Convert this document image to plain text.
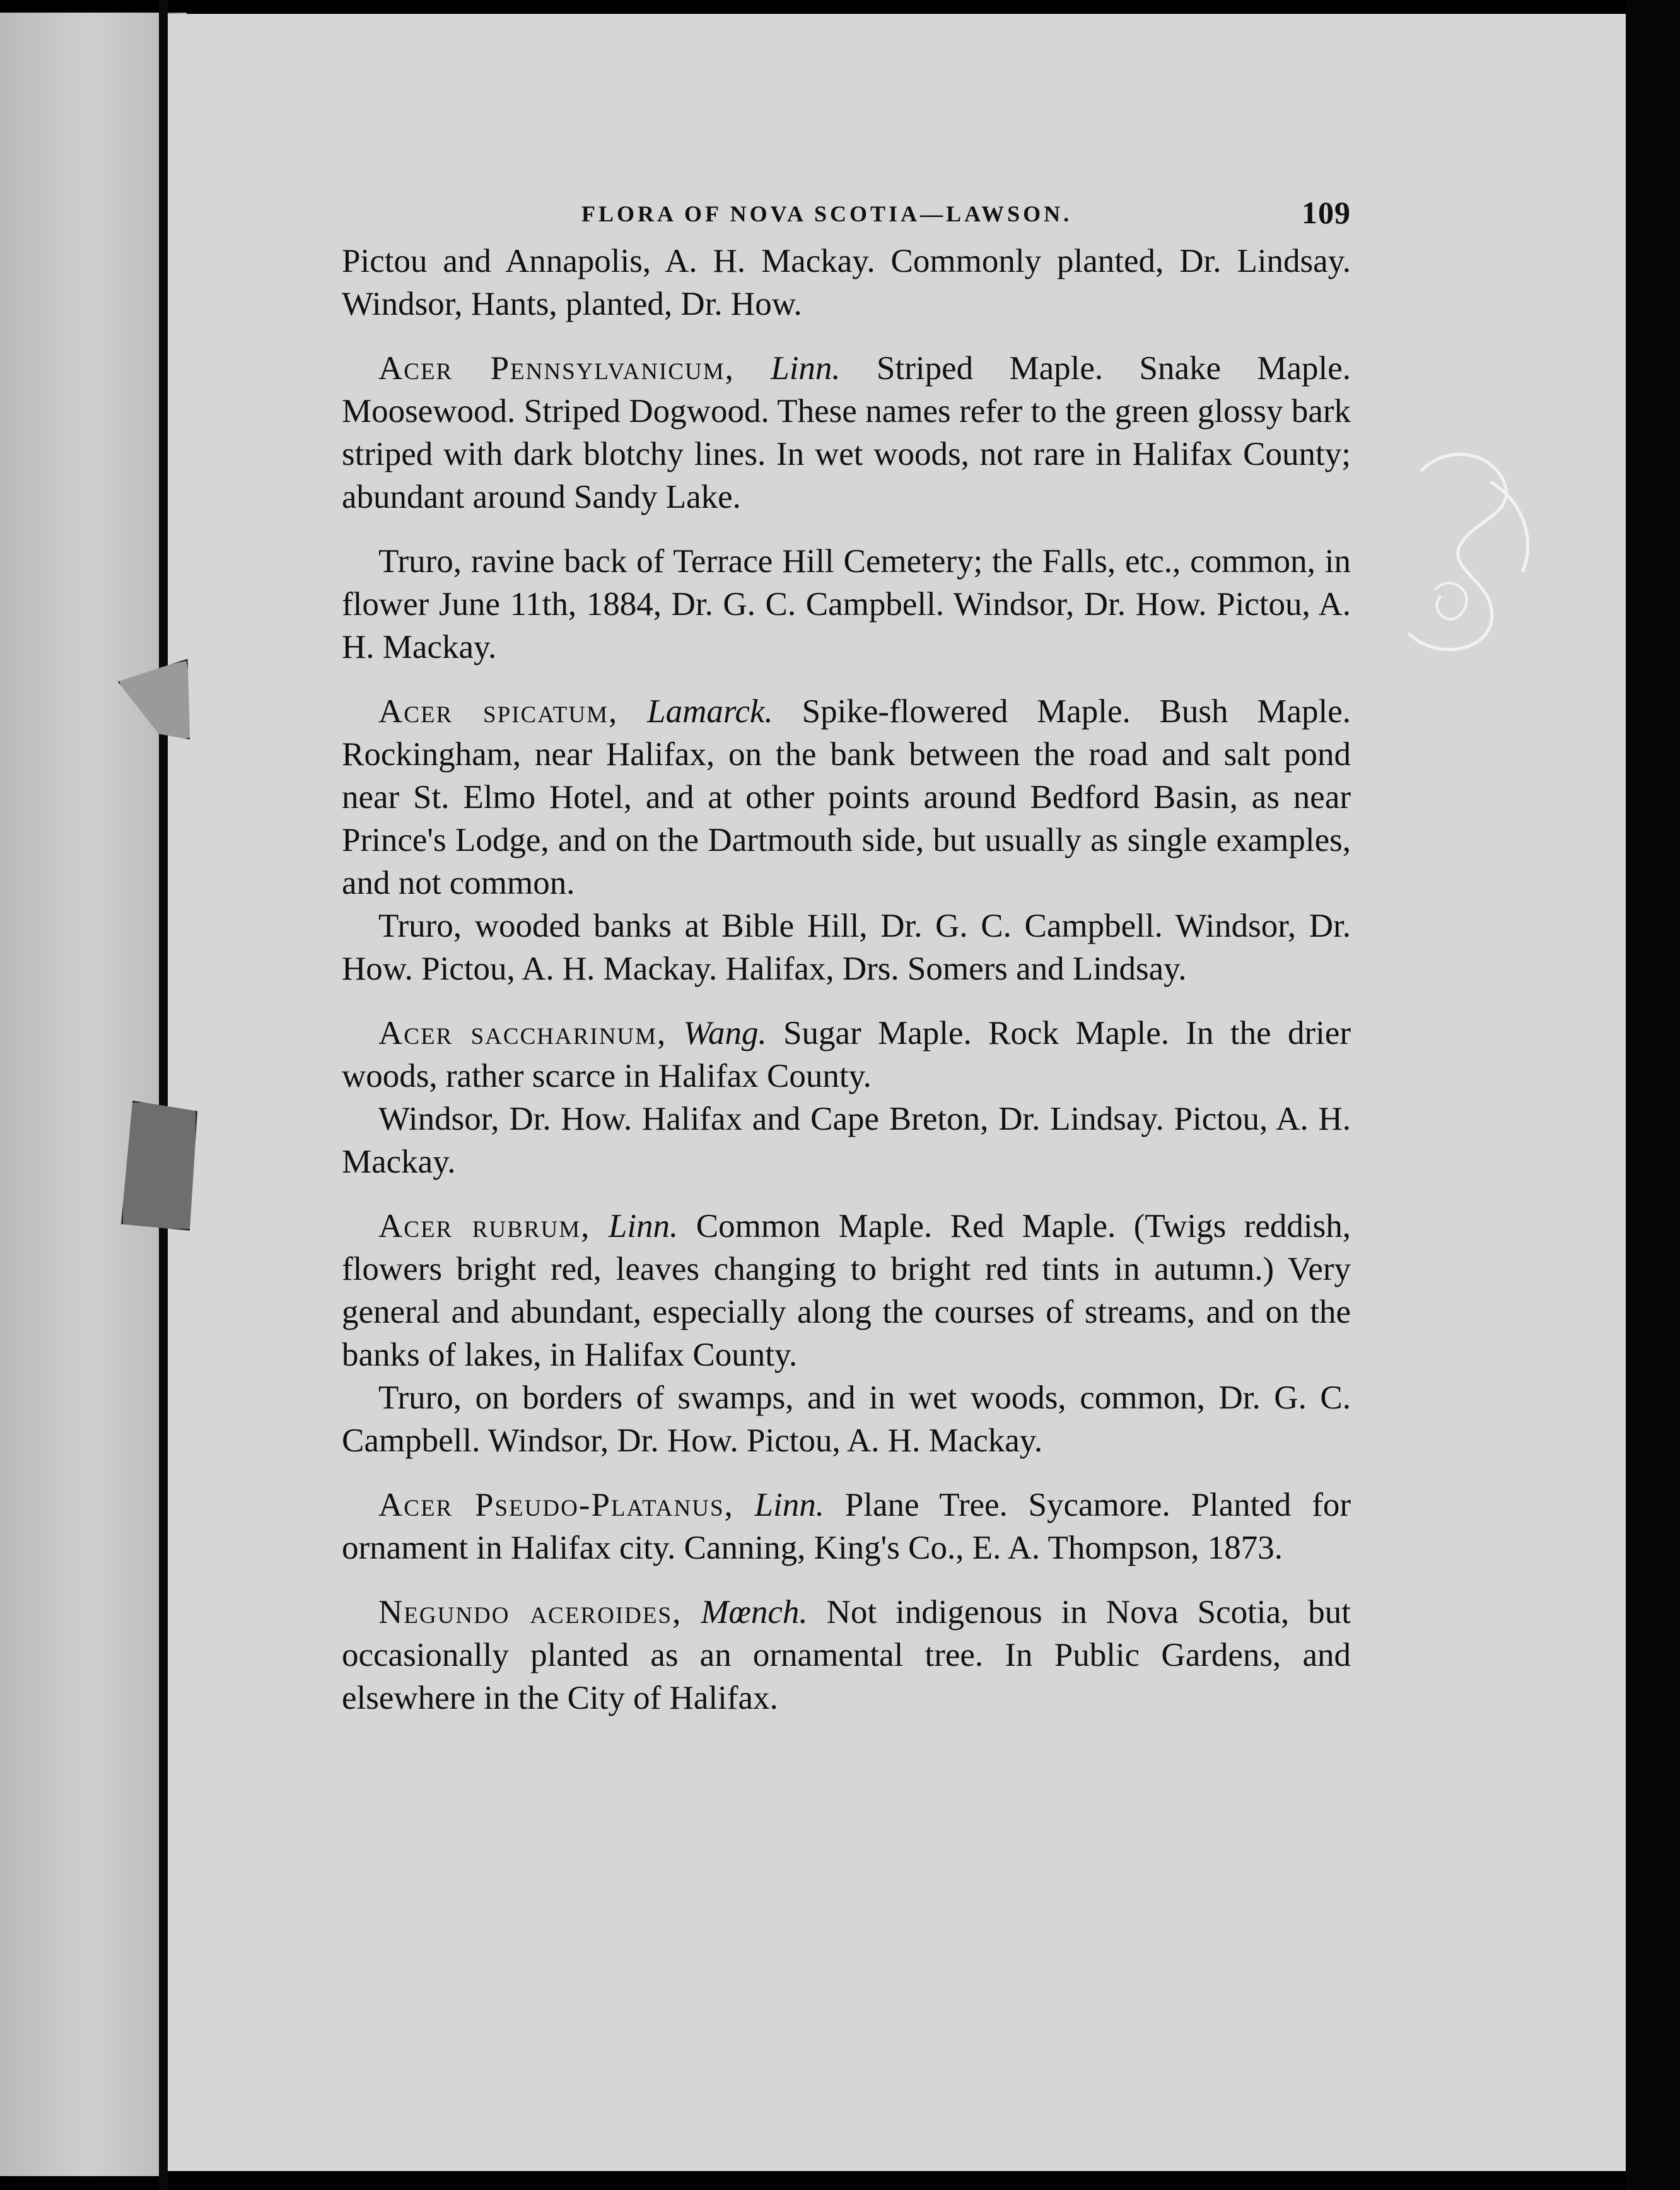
FLORA OF NOVA SCOTIA—LAWSON.	109

Pictou and Annapolis, A. H. Mackay. Commonly planted, Dr. Lindsay. Windsor, Hants, planted, Dr. How.

Acer Pennsylvanicum, Linn. Striped Maple. Snake Maple. Moosewood. Striped Dogwood. These names refer to the green glossy bark striped with dark blotchy lines. In wet woods, not rare in Halifax County; abundant around Sandy Lake.

Truro, ravine back of Terrace Hill Cemetery; the Falls, etc., common, in flower June 11th, 1884, Dr. G. C. Campbell. Windsor, Dr. How. Pictou, A. H. Mackay.

Acer spicatum, Lamarck. Spike-flowered Maple. Bush Maple. Rockingham, near Halifax, on the bank between the road and salt pond near St. Elmo Hotel, and at other points around Bedford Basin, as near Prince's Lodge, and on the Dartmouth side, but usually as single examples, and not common.

Truro, wooded banks at Bible Hill, Dr. G. C. Campbell. Windsor, Dr. How. Pictou, A. H. Mackay. Halifax, Drs. Somers and Lindsay.

Acer saccharinum, Wang. Sugar Maple. Rock Maple. In the drier woods, rather scarce in Halifax County.

Windsor, Dr. How. Halifax and Cape Breton, Dr. Lindsay. Pictou, A. H. Mackay.

Acer rubrum, Linn. Common Maple. Red Maple. (Twigs reddish, flowers bright red, leaves changing to bright red tints in autumn.) Very general and abundant, especially along the courses of streams, and on the banks of lakes, in Halifax County.

Truro, on borders of swamps, and in wet woods, common, Dr. G. C. Campbell. Windsor, Dr. How. Pictou, A. H. Mackay.

Acer Pseudo-Platanus, Linn. Plane Tree. Sycamore. Planted for ornament in Halifax city. Canning, King's Co., E. A. Thompson, 1873.

Negundo aceroides, Mœnch. Not indigenous in Nova Scotia, but occasionally planted as an ornamental tree. In Public Gardens, and elsewhere in the City of Halifax.
